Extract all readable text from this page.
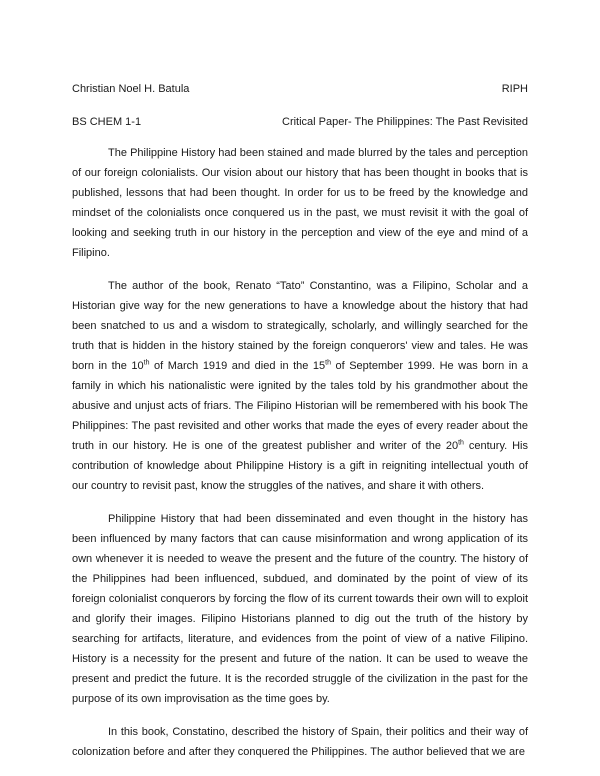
Christian Noel H. Batula	RIPH
BS CHEM 1-1	Critical Paper- The Philippines: The Past Revisited

The Philippine History had been stained and made blurred by the tales and perception of our foreign colonialists. Our vision about our history that has been thought in books that is published, lessons that had been thought. In order for us to be freed by the knowledge and mindset of the colonialists once conquered us in the past, we must revisit it with the goal of looking and seeking truth in our history in the perception and view of the eye and mind of a Filipino.

The author of the book, Renato “Tato” Constantino, was a Filipino, Scholar and a Historian give way for the new generations to have a knowledge about the history that had been snatched to us and a wisdom to strategically, scholarly, and willingly searched for the truth that is hidden in the history stained by the foreign conquerors' view and tales. He was born in the 10th of March 1919 and died in the 15th of September 1999. He was born in a family in which his nationalistic were ignited by the tales told by his grandmother about the abusive and unjust acts of friars. The Filipino Historian will be remembered with his book The Philippines: The past revisited and other works that made the eyes of every reader about the truth in our history. He is one of the greatest publisher and writer of the 20th century. His contribution of knowledge about Philippine History is a gift in reigniting intellectual youth of our country to revisit past, know the struggles of the natives, and share it with others.

Philippine History that had been disseminated and even thought in the history has been influenced by many factors that can cause misinformation and wrong application of its own whenever it is needed to weave the present and the future of the country. The history of the Philippines had been influenced, subdued, and dominated by the point of view of its foreign colonialist conquerors by forcing the flow of its current towards their own will to exploit and glorify their images. Filipino Historians planned to dig out the truth of the history by searching for artifacts, literature, and evidences from the point of view of a native Filipino. History is a necessity for the present and future of the nation. It can be used to weave the present and predict the future. It is the recorded struggle of the civilization in the past for the purpose of its own improvisation as the time goes by.

In this book, Constatino, described the history of Spain, their politics and their way of colonization before and after they conquered the Philippines. The author believed that we are
